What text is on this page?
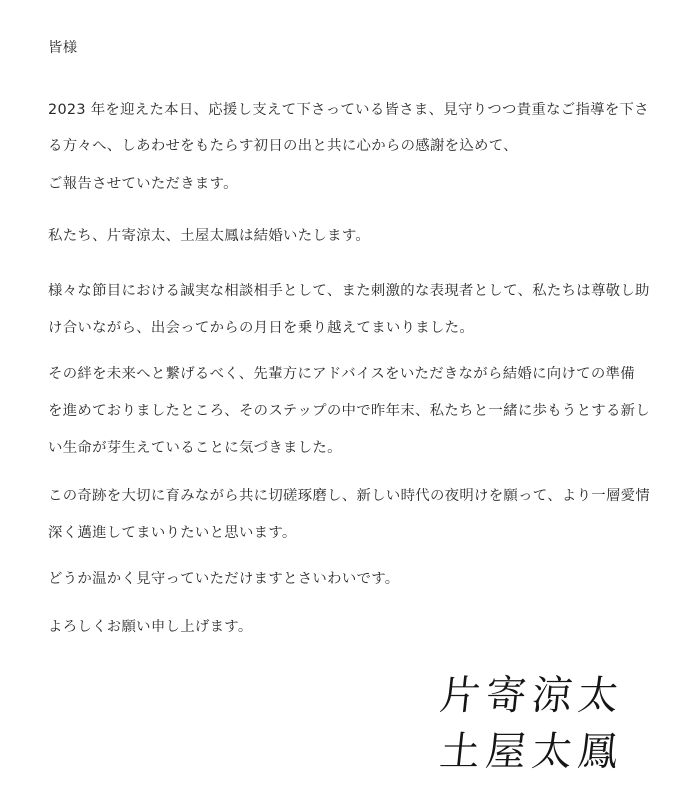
皆様
2023 年を迎えた本日、応援し支えて下さっている皆さま、見守りつつ貴重なご指導を下さ
る方々へ、しあわせをもたらす初日の出と共に心からの感謝を込めて、
ご報告させていただきます。
私たち、片寄涼太、土屋太鳳は結婚いたします。
様々な節目における誠実な相談相手として、また刺激的な表現者として、私たちは尊敬し助
け合いながら、出会ってからの月日を乗り越えてまいりました。
その絆を未来へと繋げるべく、先輩方にアドバイスをいただきながら結婚に向けての準備
を進めておりましたところ、そのステップの中で昨年末、私たちと一緒に歩もうとする新し
い生命が芽生えていることに気づきました。
この奇跡を大切に育みながら共に切磋琢磨し、新しい時代の夜明けを願って、より一層愛情
深く邁進してまいりたいと思います。
どうか温かく見守っていただけますとさいわいです。
よろしくお願い申し上げます。
片寄涼太
土屋太鳳
